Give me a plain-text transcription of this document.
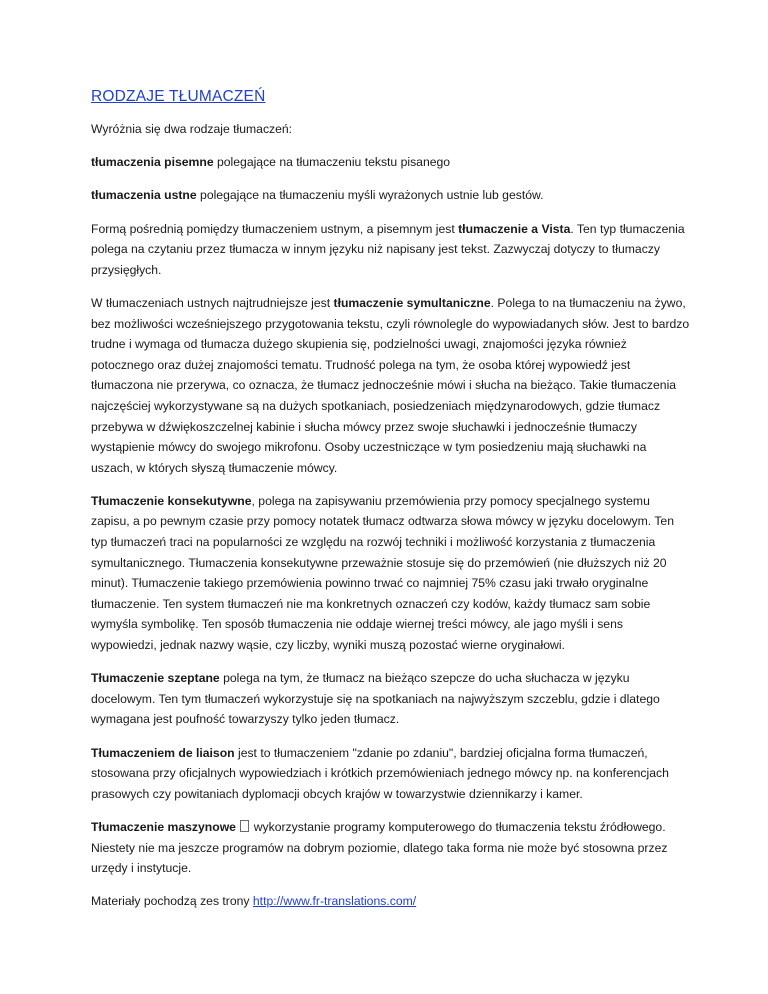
RODZAJE TŁUMACZEŃ

Wyróżnia się dwa rodzaje tłumaczeń:

tłumaczenia pisemne polegające na tłumaczeniu tekstu pisanego

tłumaczenia ustne polegające na tłumaczeniu myśli wyrażonych ustnie lub gestów.

Formą pośrednią pomiędzy tłumaczeniem ustnym, a pisemnym jest tłumaczenie a Vista. Ten typ tłumaczenia polega na czytaniu przez tłumacza w innym języku niż napisany jest tekst. Zazwyczaj dotyczy to tłumaczy przysięgłych.

W tłumaczeniach ustnych najtrudniejsze jest tłumaczenie symultaniczne. Polega to na tłumaczeniu na żywo, bez możliwości wcześniejszego przygotowania tekstu, czyli równolegle do wypowiadanych słów. Jest to bardzo trudne i wymaga od tłumacza dużego skupienia się, podzielności uwagi, znajomości języka również potocznego oraz dużej znajomości tematu. Trudność polega na tym, że osoba której wypowiedź jest tłumaczona nie przerywa, co oznacza, że tłumacz jednocześnie mówi i słucha na bieżąco. Takie tłumaczenia najczęściej wykorzystywane są na dużych spotkaniach, posiedzeniach międzynarodowych, gdzie tłumacz przebywa w dźwiękoszczelnej kabinie i słucha mówcy przez swoje słuchawki i jednocześnie tłumaczy wystąpienie mówcy do swojego mikrofonu. Osoby uczestniczące w tym posiedzeniu mają słuchawki na uszach, w których słyszą tłumaczenie mówcy.

Tłumaczenie konsekutywne, polega na zapisywaniu przemówienia przy pomocy specjalnego systemu zapisu, a po pewnym czasie przy pomocy notatek tłumacz odtwarza słowa mówcy w języku docelowym. Ten typ tłumaczeń traci na popularności ze względu na rozwój techniki i możliwość korzystania z tłumaczenia symultanicznego. Tłumaczenia konsekutywne przeważnie stosuje się do przemówień (nie dłuższych niż 20 minut). Tłumaczenie takiego przemówienia powinno trwać co najmniej 75% czasu jaki trwało oryginalne tłumaczenie. Ten system tłumaczeń nie ma konkretnych oznaczeń czy kodów, każdy tłumacz sam sobie wymyśla symbolikę. Ten sposób tłumaczenia nie oddaje wiernej treści mówcy, ale jago myśli i sens wypowiedzi, jednak nazwy wąsie, czy liczby, wyniki muszą pozostać wierne oryginałowi.

Tłumaczenie szeptane polega na tym, że tłumacz na bieżąco szepcze do ucha słuchacza w języku docelowym. Ten tym tłumaczeń wykorzystuje się na spotkaniach na najwyższym szczeblu, gdzie i dlatego wymagana jest poufność towarzyszy tylko jeden tłumacz.

Tłumaczeniem de liaison jest to tłumaczeniem "zdanie po zdaniu", bardziej oficjalna forma tłumaczeń, stosowana przy oficjalnych wypowiedziach i krótkich przemówieniach jednego mówcy np. na konferencjach prasowych czy powitaniach dyplomacji obcych krajów w towarzystwie dziennikarzy i kamer.

Tłumaczenie maszynowe  wykorzystanie programy komputerowego do tłumaczenia tekstu źródłowego. Niestety nie ma jeszcze programów na dobrym poziomie, dlatego taka forma nie może być stosowna przez urzędy i instytucje.

Materiały pochodzą zes trony http://www.fr-translations.com/
